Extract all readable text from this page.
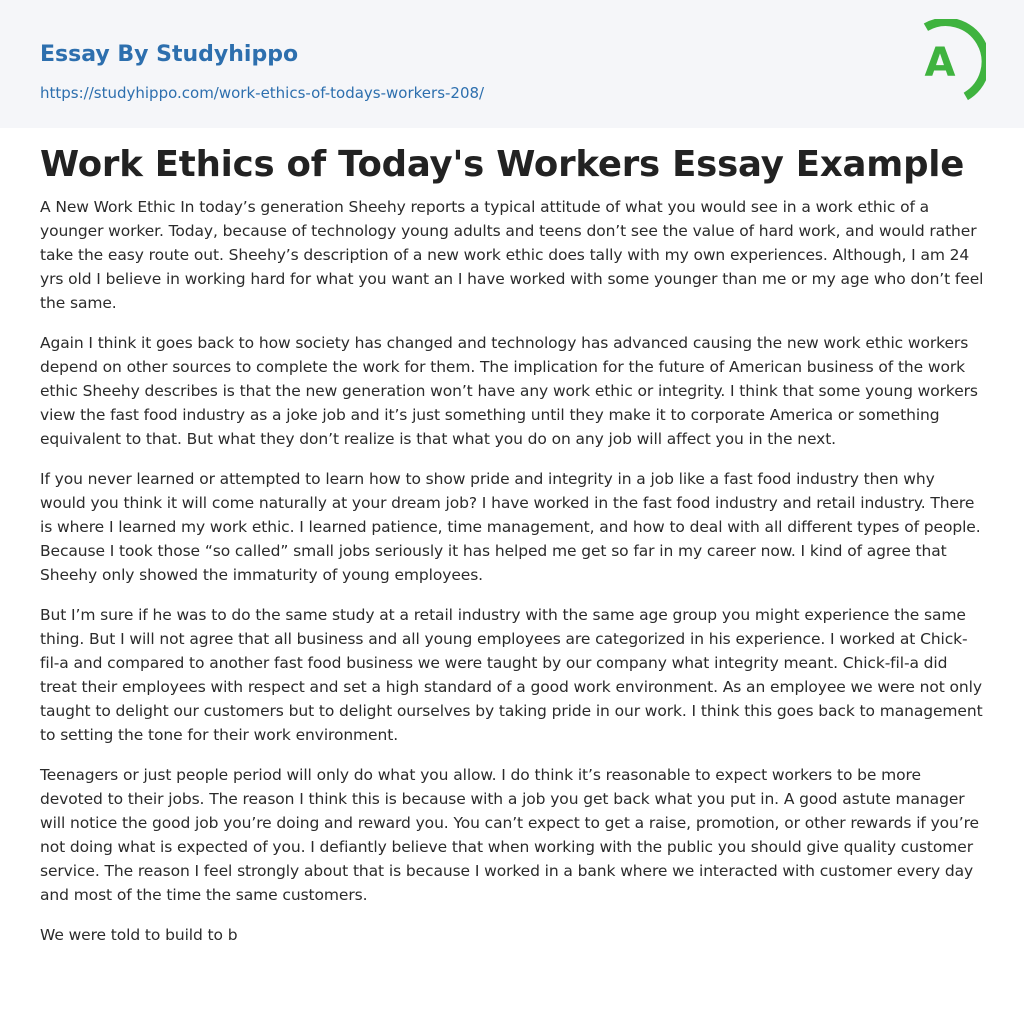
Essay By Studyhippo
https://studyhippo.com/work-ethics-of-todays-workers-208/
A
Work Ethics of Today's Workers Essay Example

A New Work Ethic In today’s generation Sheehy reports a typical attitude of what you would see in a work ethic of a younger worker. Today, because of technology young adults and teens don’t see the value of hard work, and would rather take the easy route out. Sheehy’s description of a new work ethic does tally with my own experiences. Although, I am 24 yrs old I believe in working hard for what you want an I have worked with some younger than me or my age who don’t feel the same.

Again I think it goes back to how society has changed and technology has advanced causing the new work ethic workers depend on other sources to complete the work for them. The implication for the future of American business of the work ethic Sheehy describes is that the new generation won’t have any work ethic or integrity. I think that some young workers view the fast food industry as a joke job and it’s just something until they make it to corporate America or something equivalent to that. But what they don’t realize is that what you do on any job will affect you in the next.

If you never learned or attempted to learn how to show pride and integrity in a job like a fast food industry then why would you think it will come naturally at your dream job? I have worked in the fast food industry and retail industry. There is where I learned my work ethic. I learned patience, time management, and how to deal with all different types of people. Because I took those “so called” small jobs seriously it has helped me get so far in my career now. I kind of agree that Sheehy only showed the immaturity of young employees.

But I’m sure if he was to do the same study at a retail industry with the same age group you might experience the same thing. But I will not agree that all business and all young employees are categorized in his experience. I worked at Chick-fil-a and compared to another fast food business we were taught by our company what integrity meant. Chick-fil-a did treat their employees with respect and set a high standard of a good work environment. As an employee we were not only taught to delight our customers but to delight ourselves by taking pride in our work. I think this goes back to management to setting the tone for their work environment.

Teenagers or just people period will only do what you allow. I do think it’s reasonable to expect workers to be more devoted to their jobs. The reason I think this is because with a job you get back what you put in. A good astute manager will notice the good job you’re doing and reward you. You can’t expect to get a raise, promotion, or other rewards if you’re not doing what is expected of you. I defiantly believe that when working with the public you should give quality customer service. The reason I feel strongly about that is because I worked in a bank where we interacted with customer every day and most of the time the same customers.

We were told to build to b
